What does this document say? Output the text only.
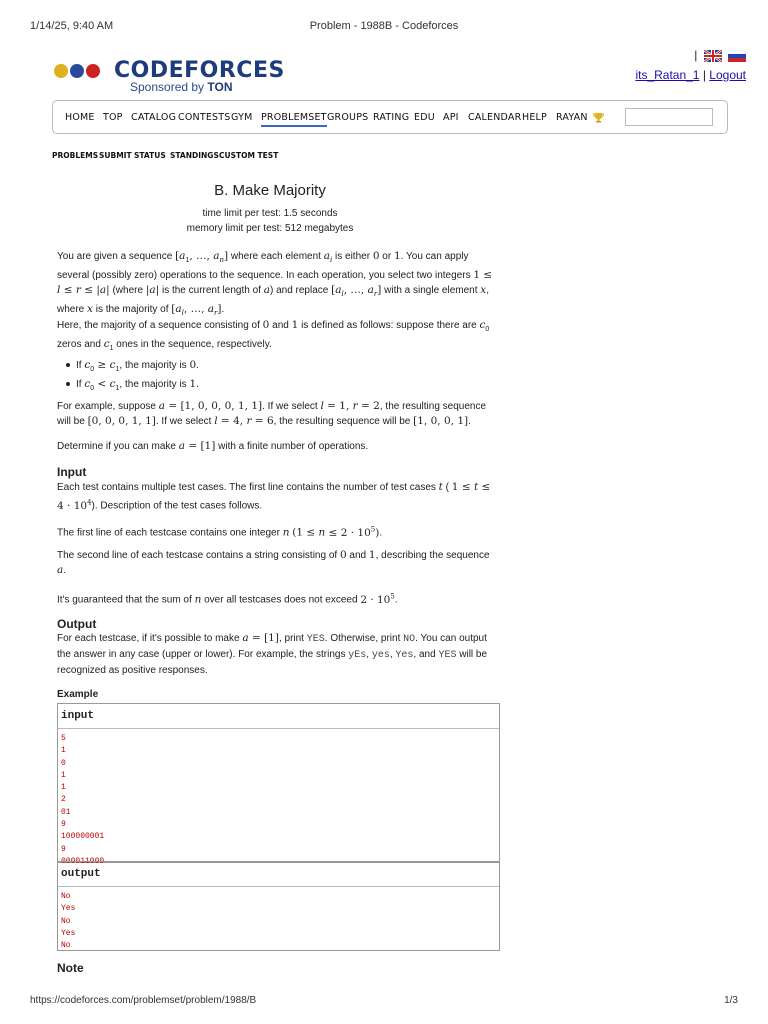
1/14/25, 9:40 AM	Problem - 1988B - Codeforces
CODEFORCES
Sponsored by TON
|
its_Ratan_1 | Logout
HOME TOP CATALOG CONTESTS GYM PROBLEMSET GROUPS RATING EDU API CALENDAR HELP RAYAN
PROBLEMS SUBMIT STATUS STANDINGS CUSTOM TEST
B. Make Majority
time limit per test: 1.5 seconds
memory limit per test: 512 megabytes
You are given a sequence [$a_1$, …, $a_n$] where each element $a_i$ is either 0 or 1. You can apply several (possibly zero) operations to the sequence. In each operation, you select two integers 1 ≤ l ≤ r ≤ |a| (where |a| is the current length of a) and replace [$a_l$, …, $a_r$] with a single element x, where x is the majority of [$a_l$, …, $a_r$].
Here, the majority of a sequence consisting of 0 and 1 is defined as follows: suppose there are $c_0$ zeros and $c_1$ ones in the sequence, respectively.
If $c_0 \ge c_1$, the majority is 0.
If $c_0 < c_1$, the majority is 1.
For example, suppose a = [1, 0, 0, 0, 1, 1]. If we select l = 1, r = 2, the resulting sequence will be [0, 0, 0, 1, 1]. If we select l = 4, r = 6, the resulting sequence will be [1, 0, 0, 1].
Determine if you can make a = [1] with a finite number of operations.
Input
Each test contains multiple test cases. The first line contains the number of test cases t ( $1 \le t \le 4 \cdot 10^4$). Description of the test cases follows.
The first line of each testcase contains one integer n $(1 \le n \le 2 \cdot 10^5)$.
The second line of each testcase contains a string consisting of 0 and 1, describing the sequence a.
It's guaranteed that the sum of n over all testcases does not exceed $2 \cdot 10^5$.
Output
For each testcase, if it's possible to make a = [1], print YES. Otherwise, print NO. You can output the answer in any case (upper or lower). For example, the strings yEs, yes, Yes, and YES will be recognized as positive responses.
Example
input
5
1
0
1
1
2
01
9
100000001
9
000011000
output
No
Yes
No
Yes
No
Note
https://codeforces.com/problemset/problem/1988/B	1/3
